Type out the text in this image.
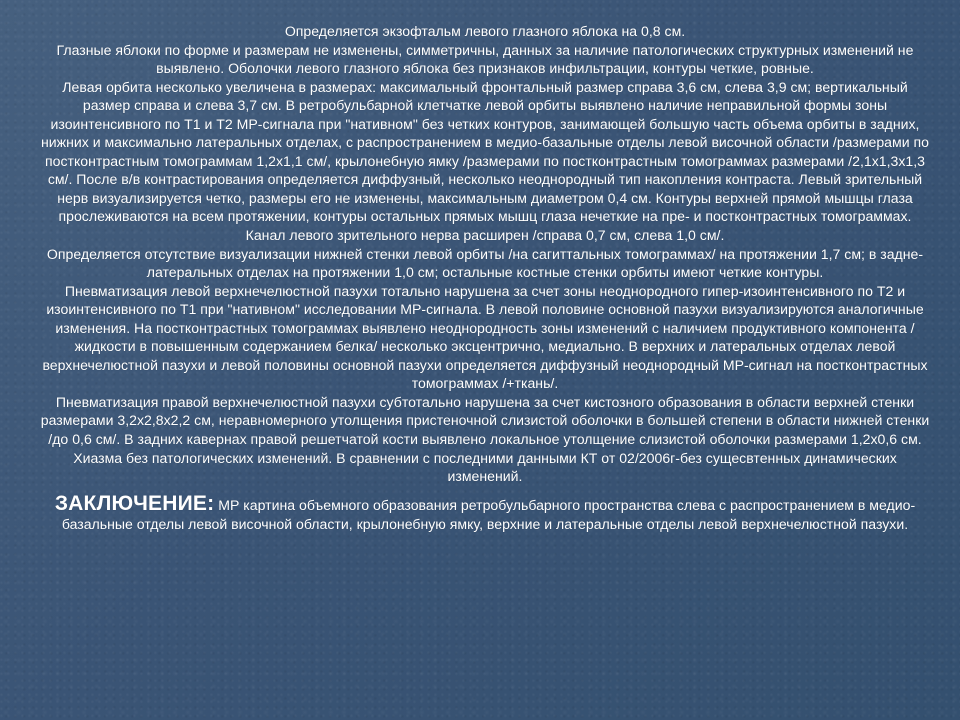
Определяется экзофтальм левого глазного яблока на 0,8 см.

Глазные яблоки по форме и размерам не изменены, симметричны, данных за наличие патологических структурных изменений не выявлено. Оболочки левого глазного яблока без признаков инфильтрации, контуры четкие, ровные.

Левая орбита несколько увеличена в размерах: максимальный фронтальный размер справа 3,6 см, слева 3,9 см; вертикальный размер справа и слева 3,7 см. В ретробульбарной клетчатке левой орбиты выявлено наличие неправильной формы зоны изоинтенсивного по Т1 и Т2 МР-сигнала при "нативном" без четких контуров, занимающей большую часть объема орбиты в задних, нижних и максимально латеральных отделах, с распространением в медио-базальные отделы левой височной области /размерами по постконтрастным томограммам 1,2х1,1 см/, крылонебную ямку /размерами по постконтрастным томограммах размерами /2,1х1,3х1,3 см/. После в/в контрастирования определяется диффузный, несколько неоднородный тип накопления контраста. Левый зрительный нерв визуализируется четко, размеры его не изменены, максимальным диаметром 0,4 см. Контуры верхней прямой мышцы глаза прослеживаются на всем протяжении, контуры остальных прямых мышц глаза нечеткие на пре- и постконтрастных томограммах. Канал левого зрительного нерва расширен /справа 0,7 см, слева 1,0 см/.

Определяется отсутствие визуализации нижней стенки левой орбиты /на сагиттальных томограммах/ на протяжении 1,7 см; в задне-латеральных отделах на протяжении 1,0 см; остальные костные стенки орбиты имеют четкие контуры.

Пневматизация левой верхнечелюстной пазухи тотально нарушена за счет зоны неоднородного гипер-изоинтенсивного по Т2 и изоинтенсивного по Т1 при "нативном" исследовании МР-сигнала. В левой половине основной пазухи визуализируются аналогичные изменения. На постконтрастных томограммах выявлено неоднородность зоны изменений с наличием продуктивного компонента /жидкости в повышенным содержанием белка/ несколько эксцентрично, медиально. В верхних и латеральных отделах левой верхнечелюстной пазухи и левой половины основной пазухи определяется диффузный неоднородный МР-сигнал на постконтрастных томограммах /+ткань/.

Пневматизация правой верхнечелюстной пазухи субтотально нарушена за счет кистозного образования в области верхней стенки размерами 3,2х2,8х2,2 см, неравномерного утолщения пристеночной слизистой оболочки в большей степени в области нижней стенки /до 0,6 см/. В задних кавернах правой решетчатой кости выявлено локальное утолщение слизистой оболочки размерами 1,2х0,6 см.

Хиазма без патологических изменений. В сравнении с последними данными КТ от 02/2006г-без сущесвтенных динамических изменений.

ЗАКЛЮЧЕНИЕ: МР картина объемного образования ретробульбарного пространства слева с распространением в медио-базальные отделы левой височной области, крылонебную ямку, верхние и латеральные отделы левой верхнечелюстной пазухи.
